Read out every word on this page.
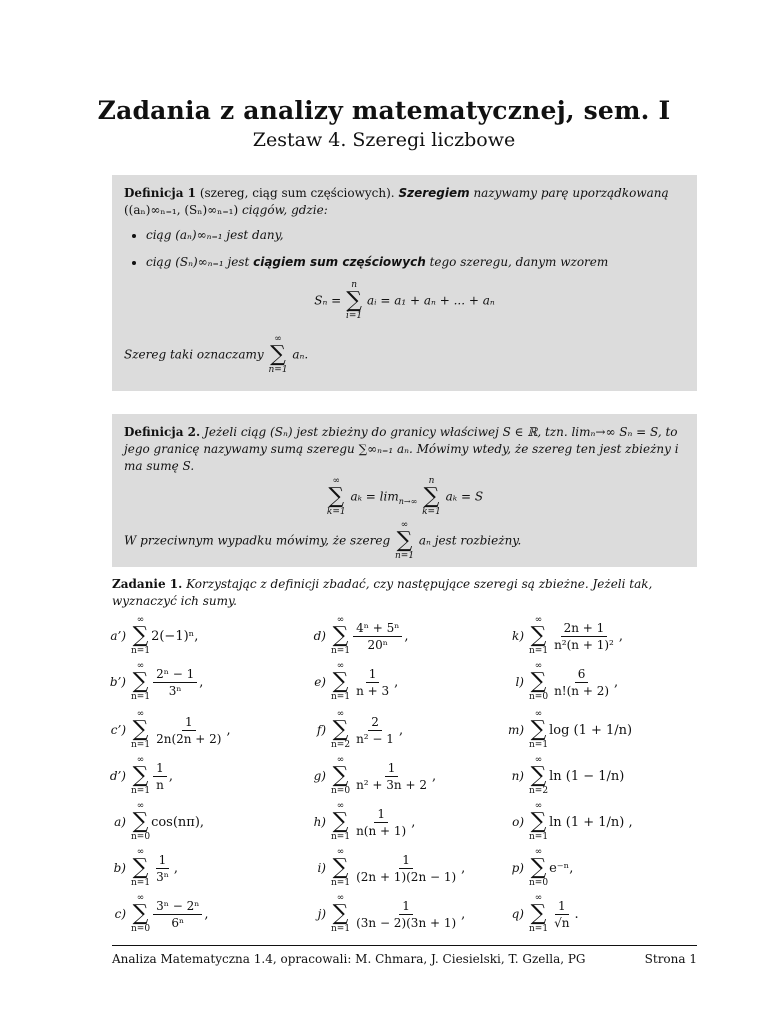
Zadania z analizy matematycznej, sem. I
Zestaw 4. Szeregi liczbowe
Definicja 1 (szereg, ciąg sum częściowych). Szeregiem nazywamy parę uporządkowaną ((aₙ)∞ₙ₌₁, (Sₙ)∞ₙ₌₁) ciągów, gdzie:
• ciąg (aₙ)∞ₙ₌₁ jest dany,
• ciąg (Sₙ)∞ₙ₌₁ jest ciągiem sum częściowych tego szeregu, danym wzorem
Sₙ =
n
∑
i=1
aᵢ = a₁ + aₙ + ... + aₙ
Szereg taki oznaczamy
∞
∑
n=1
aₙ.
Definicja 2. Jeżeli ciąg (Sₙ) jest zbieżny do granicy właściwej S ∈ ℝ, tzn. limₙ→∞ Sₙ = S, to jego granicę nazywamy sumą szeregu ∑∞ₙ₌₁ aₙ. Mówimy wtedy, że szereg ten jest zbieżny i ma sumę S.
∞
∑
k=1
$a_k = \lim_{n\to\infty}$
n
∑
k=1
aₖ = S
W przeciwnym wypadku mówimy, że szereg
∞
∑
n=1
aₙ jest rozbieżny.
Zadanie 1. Korzystając z definicji zbadać, czy następujące szeregi są zbieżne. Jeżeli tak, wyznaczyć ich sumy.
a’)
∞
∑
n=1
2(−1)ⁿ,
b’)
∞
∑
n=1
$\frac{\text{2ⁿ − 1}}{\text{3ⁿ}}$ ,
c’)
∞
∑
n=1
$\frac{1}{2n(2n + 2)}$ ,
d’)
∞
∑
n=1
$\frac{1}{n}$ ,
a)
∞
∑
n=0
cos(nπ),
b)
∞
∑
n=1
$\frac{1}{\text{3ⁿ}}$ ,
c)
∞
∑
n=0
$\frac{\text{3ⁿ − 2ⁿ}}{\text{6ⁿ}}$ ,
d)
∞
∑
n=1
$\frac{\text{4ⁿ + 5ⁿ}}{\text{20ⁿ}}$ ,
e)
∞
∑
n=1
$\frac{1}{n + 3}$ ,
f)
∞
∑
n=2
$\frac{2}{\text{n² − 1}}$ ,
g)
∞
∑
n=0
$\frac{1}{\text{n² + 3n + 2}}$ ,
h)
∞
∑
n=1
$\frac{1}{n(n + 1)}$ ,
i)
∞
∑
n=1
$\frac{1}{(2n + 1)(2n - 1)}$ ,
j)
∞
∑
n=1
$\frac{1}{(3n - 2)(3n + 1)}$ ,
k)
∞
∑
n=1
$\frac{2n + 1}{\text{n²(n + 1)²}}$ ,
l)
∞
∑
n=0
$\frac{6}{n!(n + 2)}$ ,
m)
∞
∑
n=1
log (1 + 1/n)
n)
∞
∑
n=2
ln (1 − 1/n)
o)
∞
∑
n=1
ln (1 + 1/n) ,
p)
∞
∑
n=0
e⁻ⁿ,
q)
∞
∑
n=1
$\frac{1}{√n}$ .
Analiza Matematyczna 1.4, opracowali: M. Chmara, J. Ciesielski, T. Gzella, PG	Strona 1
